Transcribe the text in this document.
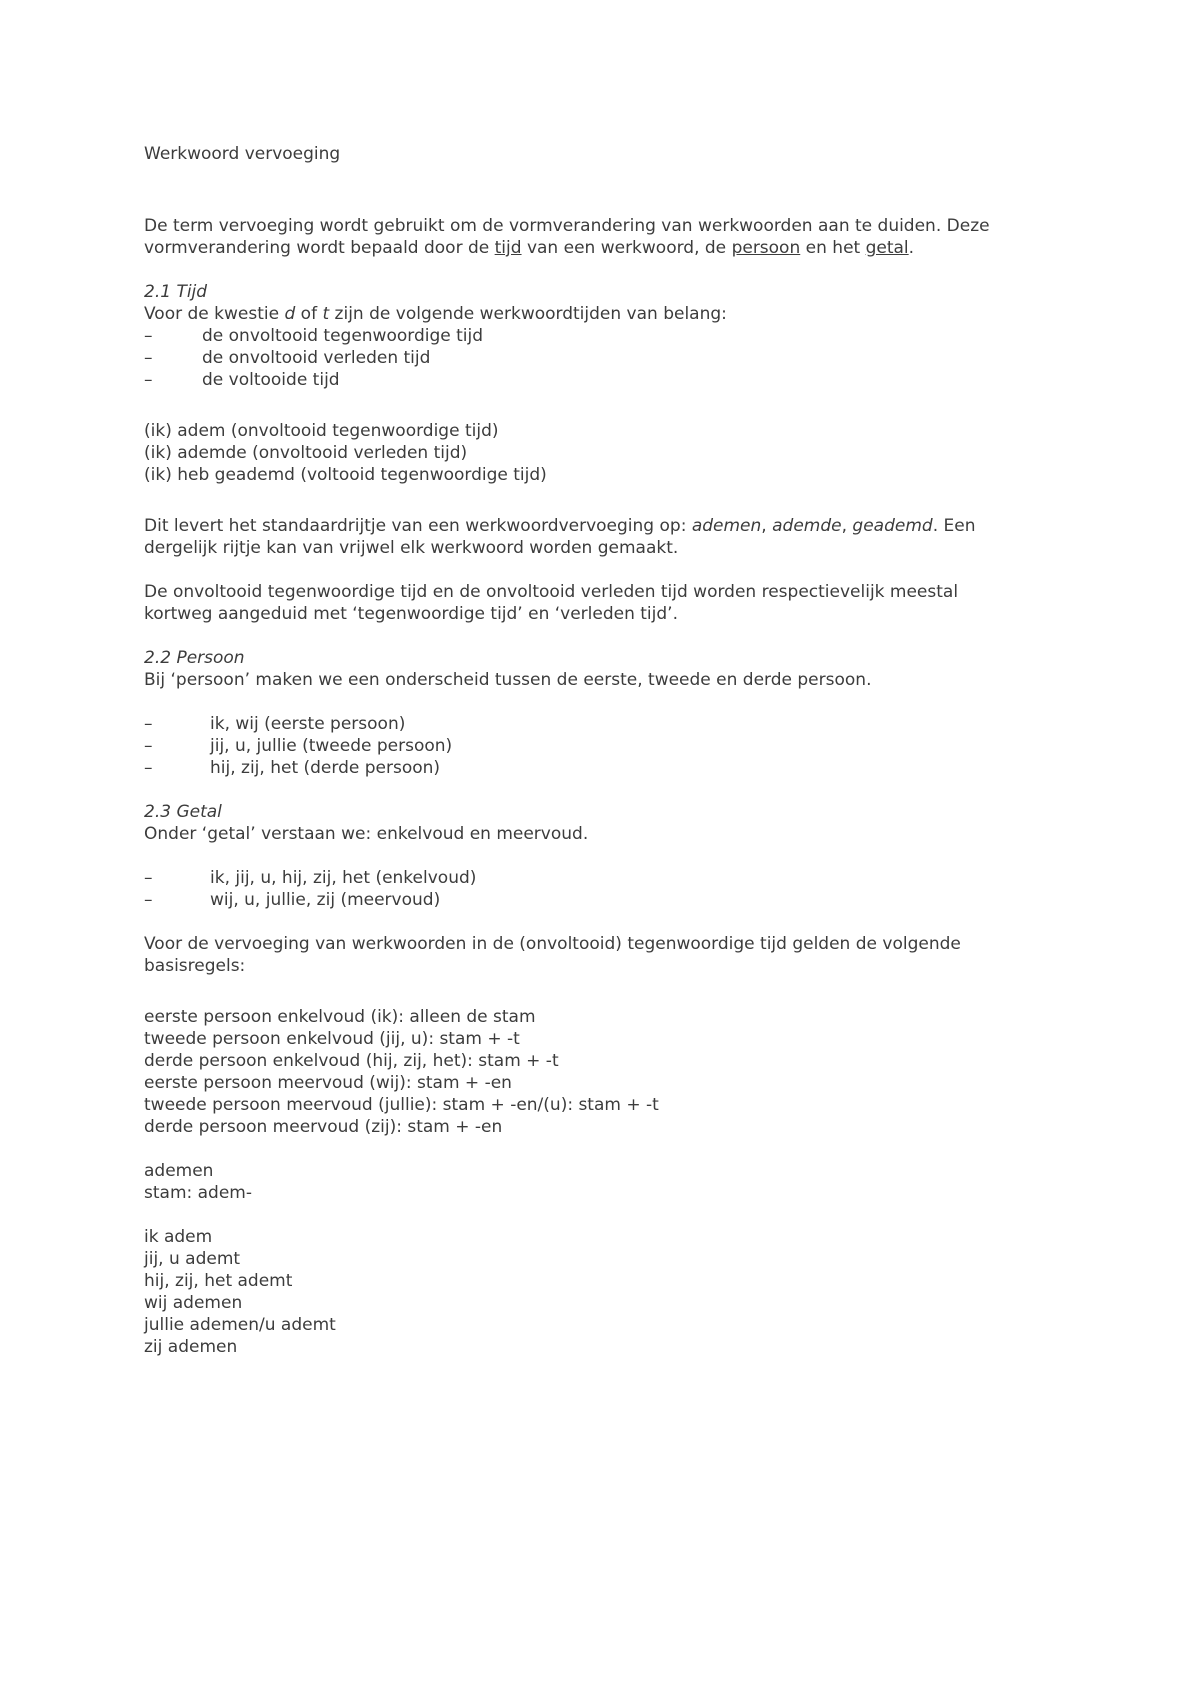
Werkwoord vervoeging
De term vervoeging wordt gebruikt om de vormverandering van werkwoorden aan te duiden. Deze
vormverandering wordt bepaald door de tijd van een werkwoord, de persoon en het getal.
2.1 Tijd
Voor de kwestie d of t zijn de volgende werkwoordtijden van belang:
–	de onvoltooid tegenwoordige tijd
–	de onvoltooid verleden tijd
–	de voltooide tijd
(ik) adem (onvoltooid tegenwoordige tijd)
(ik) ademde (onvoltooid verleden tijd)
(ik) heb geademd (voltooid tegenwoordige tijd)
Dit levert het standaardrijtje van een werkwoordvervoeging op: ademen, ademde, geademd. Een
dergelijk rijtje kan van vrijwel elk werkwoord worden gemaakt.
De onvoltooid tegenwoordige tijd en de onvoltooid verleden tijd worden respectievelijk meestal
kortweg aangeduid met ‘tegenwoordige tijd’ en ‘verleden tijd’.
2.2 Persoon
Bij ‘persoon’ maken we een onderscheid tussen de eerste, tweede en derde persoon.
–	ik, wij (eerste persoon)
–	jij, u, jullie (tweede persoon)
–	hij, zij, het (derde persoon)
2.3 Getal
Onder ‘getal’ verstaan we: enkelvoud en meervoud.
–	ik, jij, u, hij, zij, het (enkelvoud)
–	wij, u, jullie, zij (meervoud)
Voor de vervoeging van werkwoorden in de (onvoltooid) tegenwoordige tijd gelden de volgende
basisregels:
eerste persoon enkelvoud (ik): alleen de stam
tweede persoon enkelvoud (jij, u): stam + -t
derde persoon enkelvoud (hij, zij, het): stam + -t
eerste persoon meervoud (wij): stam + -en
tweede persoon meervoud (jullie): stam + -en/(u): stam + -t
derde persoon meervoud (zij): stam + -en
ademen
stam: adem-
ik adem
jij, u ademt
hij, zij, het ademt
wij ademen
jullie ademen/u ademt
zij ademen
